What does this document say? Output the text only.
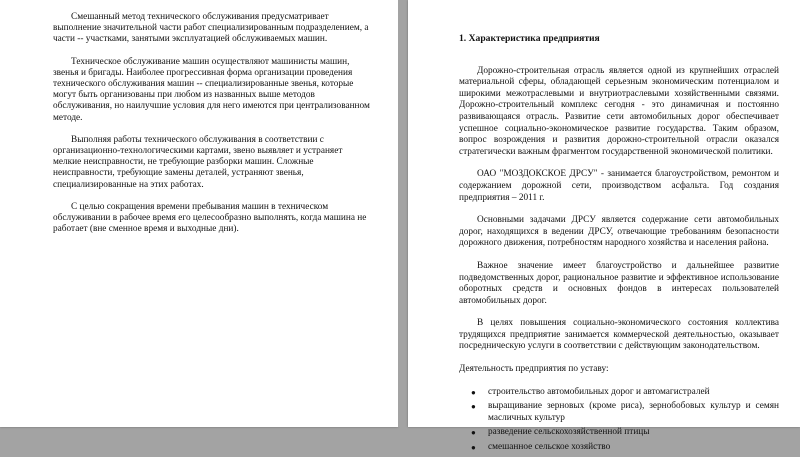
Смешанный метод технического обслуживания предусматривает выполнение значительной части работ специализированным подразделением, а части -- участками, занятыми эксплуатацией обслуживаемых машин.

Техническое обслуживание машин осуществляют машинисты машин, звенья и бригады. Наиболее прогрессивная форма организации проведения технического обслуживания машин -- специализированные звенья, которые могут быть организованы при любом из названных выше методов обслуживания, но наилучшие условия для него имеются при централизованном методе.

Выполняя работы технического обслуживания в соответствии с организационно-технологическими картами, звено выявляет и устраняет мелкие неисправности, не требующие разборки машин. Сложные неисправности, требующие замены деталей, устраняют звенья, специализированные на этих работах.

С целью сокращения времени пребывания машин в техническом обслуживании в рабочее время его целесообразно выполнять, когда машина не работает (вне сменное время и выходные дни).

1. Характеристика предприятия

Дорожно-строительная отрасль является одной из крупнейших отраслей материальной сферы, обладающей серьезным экономическим потенциалом и широкими межотраслевыми и внутриотраслевыми хозяйственными связями. Дорожно-строительный комплекс сегодня - это динамичная и постоянно развивающаяся отрасль. Развитие сети автомобильных дорог обеспечивает успешное социально-экономическое развитие государства. Таким образом, вопрос возрождения и развития дорожно-строительной отрасли оказался стратегически важным фрагментом государственной экономической политики.

ОАО "МОЗДОКСКОЕ ДРСУ" - занимается благоустройством, ремонтом и содержанием дорожной сети, производством асфальта. Год создания предприятия – 2011 г.

Основными задачами ДРСУ является содержание сети автомобильных дорог, находящихся в ведении ДРСУ, отвечающие требованиям безопасности дорожного движения, потребностям народного хозяйства и населения района.

Важное значение имеет благоустройство и дальнейшее развитие подведомственных дорог, рациональное развитие и эффективное использование оборотных средств и основных фондов в интересах пользователей автомобильных дорог.

В целях повышения социально-экономического состояния коллектива трудящихся предприятие занимается коммерческой деятельностью, оказывает посредническую услуги в соответствии с действующим законодательством.

Деятельность предприятия по уставу:

● строительство автомобильных дорог и автомагистралей
● выращивание зерновых (кроме риса), зернобобовых культур и семян масличных культур
● разведение сельскохозяйственной птицы
● смешанное сельское хозяйство
